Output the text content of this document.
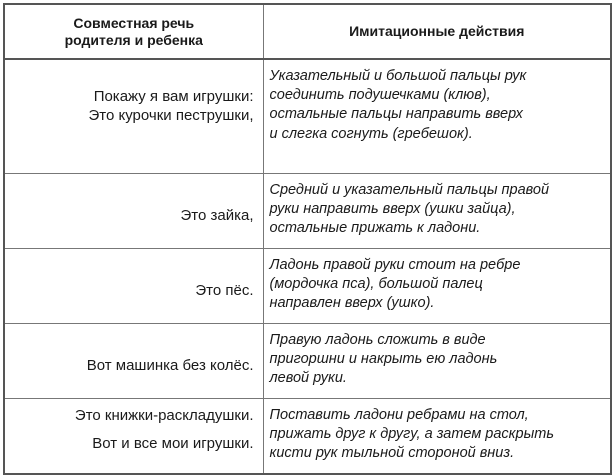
Совместная речь
родителя и ребенка	Имитационные действия

Покажу я вам игрушки:
Это курочки пеструшки,	Указательный и большой пальцы рук
соединить подушечками (клюв),
остальные пальцы направить вверх
и слегка согнуть (гребешок).

Это зайка,	Средний и указательный пальцы правой
руки направить вверх (ушки зайца),
остальные прижать к ладони.

Это пёс.	Ладонь правой руки стоит на ребре
(мордочка пса), большой палец
направлен вверх (ушко).

Вот машинка без колёс.	Правую ладонь сложить в виде
пригоршни и накрыть ею ладонь
левой руки.

Это книжки-раскладушки.
Вот и все мои игрушки.	Поставить ладони ребрами на стол,
прижать друг к другу, а затем раскрыть
кисти рук тыльной стороной вниз.
